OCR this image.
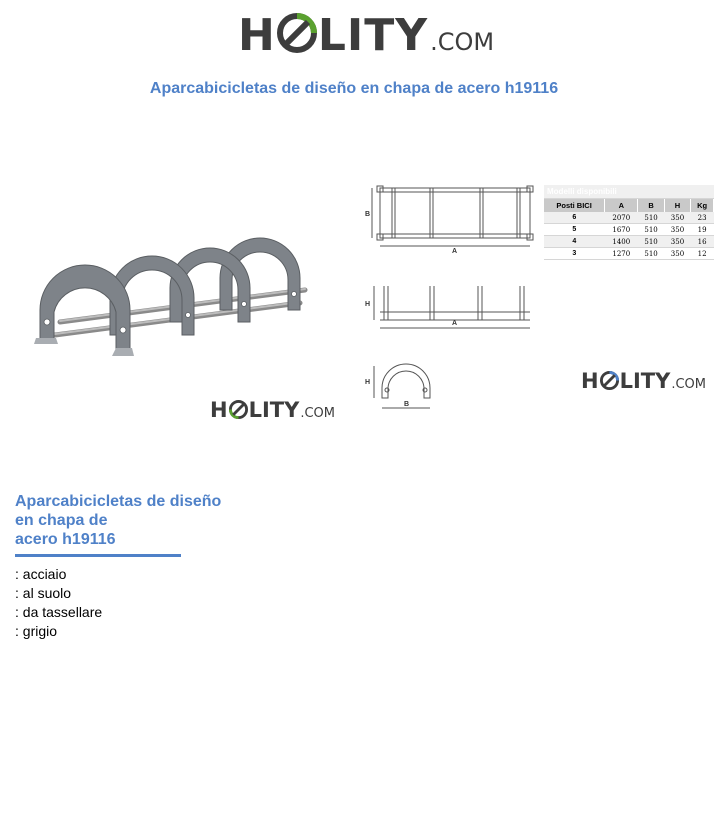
H LITY .COM
Aparcabicicletas de diseño en chapa de acero h19116
H LITY .COM
B
A
H
A
H
B
Modelli disponibili				
Posti BICI	A	B	H	Kg
6	2070	510	350	23
5	1670	510	350	19
4	1400	510	350	16
3	1270	510	350	12
H LITY .COM
Aparcabicicletas de diseño
en chapa de
acero h19116
: acciaio
: al suolo
: da tassellare
: grigio
